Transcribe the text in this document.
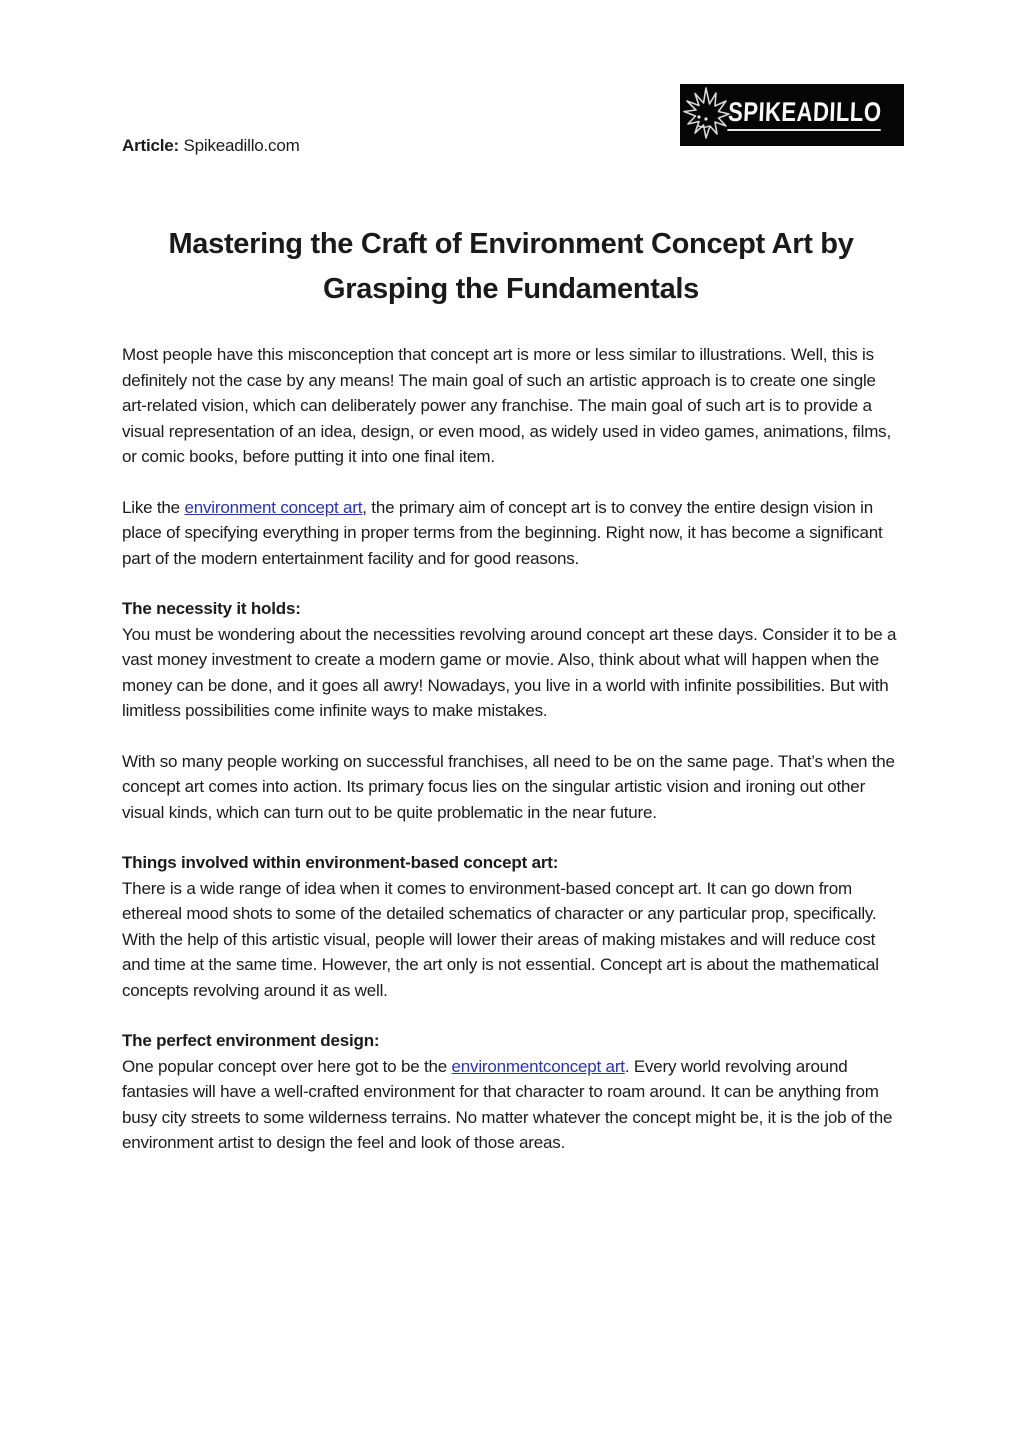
SPIKEADILLO
Article: Spikeadillo.com
Mastering the Craft of Environment Concept Art by
Grasping the Fundamentals
Most people have this misconception that concept art is more or less similar to illustrations. Well, this is definitely not the case by any means! The main goal of such an artistic approach is to create one single art-related vision, which can deliberately power any franchise. The main goal of such art is to provide a visual representation of an idea, design, or even mood, as widely used in video games, animations, films, or comic books, before putting it into one final item.
Like the environment concept art, the primary aim of concept art is to convey the entire design vision in place of specifying everything in proper terms from the beginning. Right now, it has become a significant part of the modern entertainment facility and for good reasons.
The necessity it holds:
You must be wondering about the necessities revolving around concept art these days. Consider it to be a vast money investment to create a modern game or movie. Also, think about what will happen when the money can be done, and it goes all awry! Nowadays, you live in a world with infinite possibilities. But with limitless possibilities come infinite ways to make mistakes.
With so many people working on successful franchises, all need to be on the same page. That’s when the concept art comes into action. Its primary focus lies on the singular artistic vision and ironing out other visual kinds, which can turn out to be quite problematic in the near future.
Things involved within environment-based concept art:
There is a wide range of idea when it comes to environment-based concept art. It can go down from ethereal mood shots to some of the detailed schematics of character or any particular prop, specifically. With the help of this artistic visual, people will lower their areas of making mistakes and will reduce cost and time at the same time. However, the art only is not essential. Concept art is about the mathematical concepts revolving around it as well.
The perfect environment design:
One popular concept over here got to be the environmentconcept art. Every world revolving around fantasies will have a well-crafted environment for that character to roam around. It can be anything from busy city streets to some wilderness terrains. No matter whatever the concept might be, it is the job of the environment artist to design the feel and look of those areas.
